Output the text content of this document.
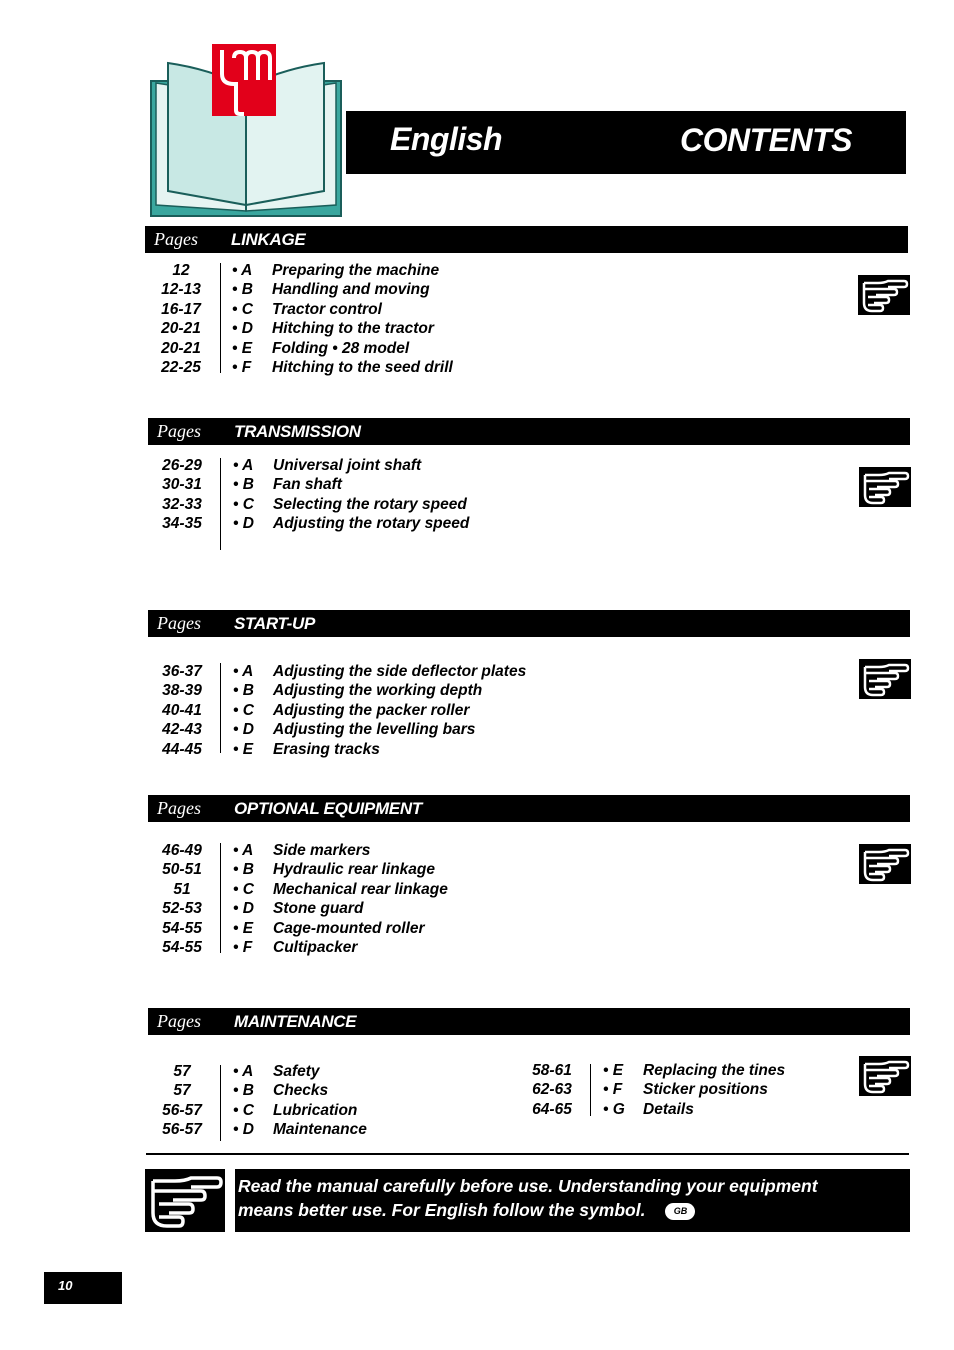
English	CONTENTS
Pages LINKAGE
12	• A Preparing the machine
12-13	• B Handling and moving
16-17	• C Tractor control
20-21	• D Hitching to the tractor
20-21	• E Folding • 28 model
22-25	• F Hitching to the seed drill
Pages TRANSMISSION
26-29	• A Universal joint shaft
30-31	• B Fan shaft
32-33	• C Selecting the rotary speed
34-35	• D Adjusting the rotary speed
Pages START-UP
36-37	• A Adjusting the side deflector plates
38-39	• B Adjusting the working depth
40-41	• C Adjusting the packer roller
42-43	• D Adjusting the levelling bars
44-45	• E Erasing tracks
Pages OPTIONAL EQUIPMENT
46-49	• A Side markers
50-51	• B Hydraulic rear linkage
51	• C Mechanical rear linkage
52-53	• D Stone guard
54-55	• E Cage-mounted roller
54-55	• F Cultipacker
Pages MAINTENANCE
57	• A Safety
57	• B Checks
56-57	• C Lubrication
56-57	• D Maintenance
58-61	• E Replacing the tines
62-63	• F Sticker positions
64-65	• G Details
Read the manual carefully before use. Understanding your equipment
means better use. For English follow the symbol.	GB
10
